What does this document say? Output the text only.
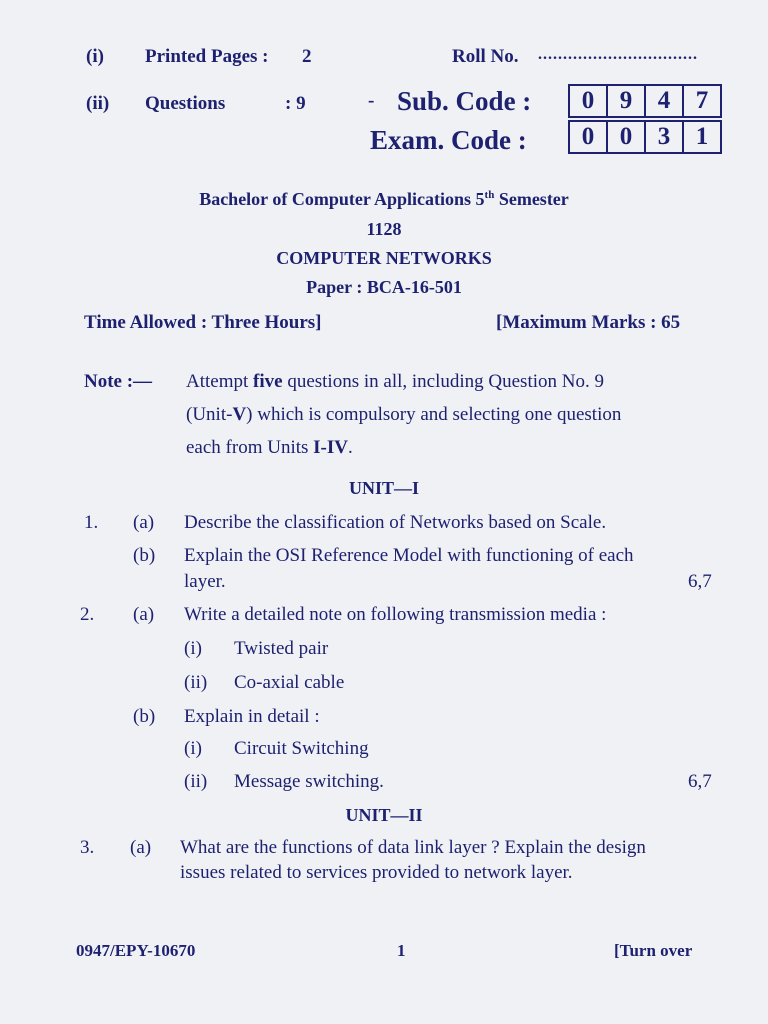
(i) Printed Pages : 2	Roll No. ................................
(ii) Questions	: 9	- Sub. Code :	0	9	4	7
Exam. Code :	0	0	3	1
Bachelor of Computer Applications 5th Semester
1128
COMPUTER NETWORKS
Paper : BCA-16-501
Time Allowed : Three Hours]	[Maximum Marks : 65
Note :— Attempt five questions in all, including Question No. 9
(Unit-V) which is compulsory and selecting one question
each from Units I-IV.
UNIT—I
1. (a) Describe the classification of Networks based on Scale.
(b) Explain the OSI Reference Model with functioning of each
layer.	6,7
2. (a) Write a detailed note on following transmission media :
(i) Twisted pair
(ii) Co-axial cable
(b) Explain in detail :
(i) Circuit Switching
(ii) Message switching.	6,7
UNIT—II
3. (a) What are the functions of data link layer ? Explain the design
issues related to services provided to network layer.
0947/EPY-10670	1	[Turn over
